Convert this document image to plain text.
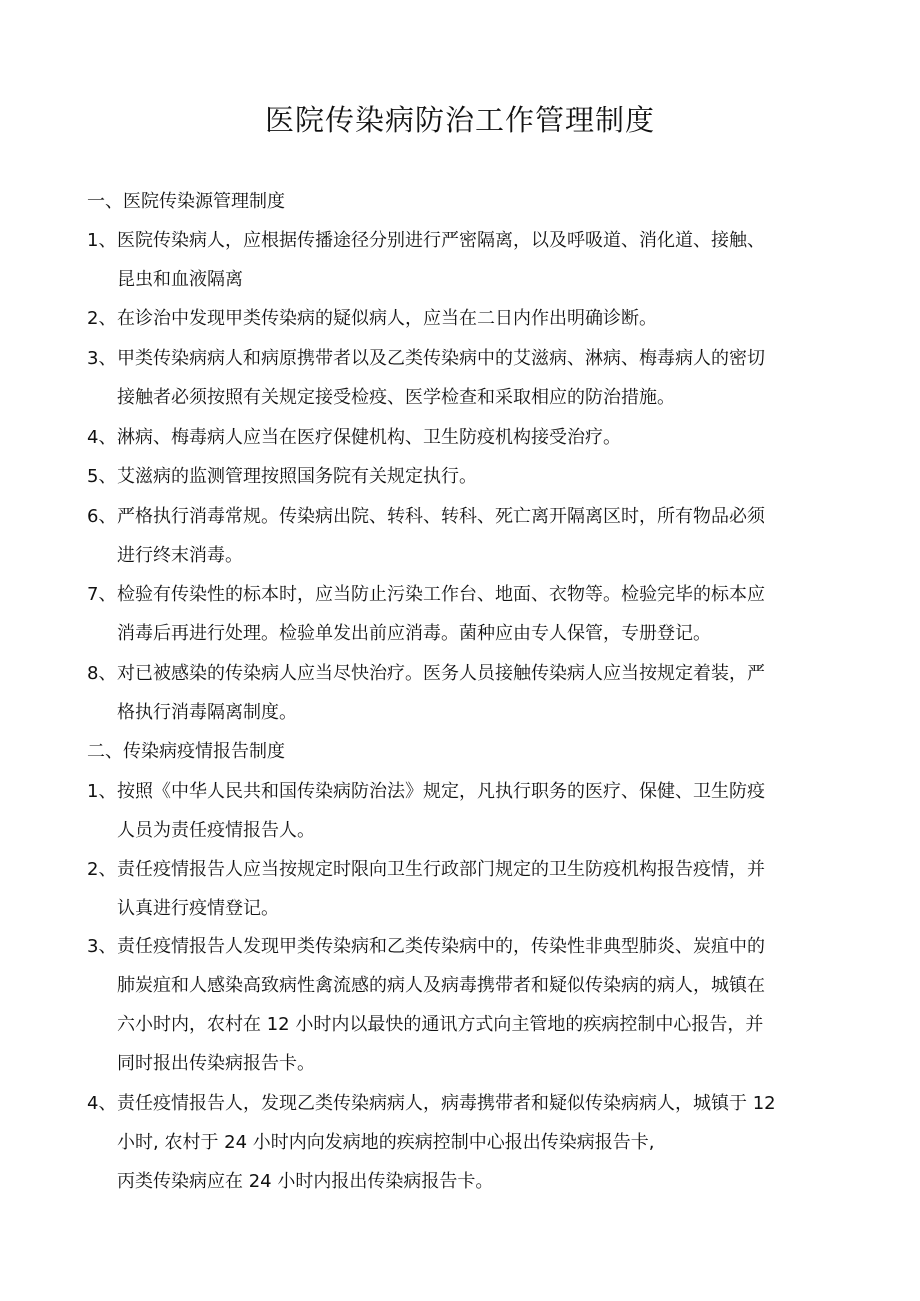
医院传染病防治工作管理制度
一、医院传染源管理制度
1、医院传染病人，应根据传播途径分别进行严密隔离，以及呼吸道、消化道、接触、
昆虫和血液隔离
2、在诊治中发现甲类传染病的疑似病人，应当在二日内作出明确诊断。
3、甲类传染病病人和病原携带者以及乙类传染病中的艾滋病、淋病、梅毒病人的密切
接触者必须按照有关规定接受检疫、医学检查和采取相应的防治措施。
4、淋病、梅毒病人应当在医疗保健机构、卫生防疫机构接受治疗。
5、艾滋病的监测管理按照国务院有关规定执行。
6、严格执行消毒常规。传染病出院、转科、转科、死亡离开隔离区时，所有物品必须
进行终末消毒。
7、检验有传染性的标本时，应当防止污染工作台、地面、衣物等。检验完毕的标本应
消毒后再进行处理。检验单发出前应消毒。菌种应由专人保管，专册登记。
8、对已被感染的传染病人应当尽快治疗。医务人员接触传染病人应当按规定着装，严
格执行消毒隔离制度。
二、传染病疫情报告制度
1、按照《中华人民共和国传染病防治法》规定，凡执行职务的医疗、保健、卫生防疫
人员为责任疫情报告人。
2、责任疫情报告人应当按规定时限向卫生行政部门规定的卫生防疫机构报告疫情，并
认真进行疫情登记。
3、责任疫情报告人发现甲类传染病和乙类传染病中的，传染性非典型肺炎、炭疽中的
肺炭疽和人感染高致病性禽流感的病人及病毒携带者和疑似传染病的病人，城镇在
六小时内，农村在 12 小时内以最快的通讯方式向主管地的疾病控制中心报告，并
同时报出传染病报告卡。
4、责任疫情报告人，发现乙类传染病病人，病毒携带者和疑似传染病病人，城镇于 12
小时, 农村于 24 小时内向发病地的疾病控制中心报出传染病报告卡,
丙类传染病应在 24 小时内报出传染病报告卡。
